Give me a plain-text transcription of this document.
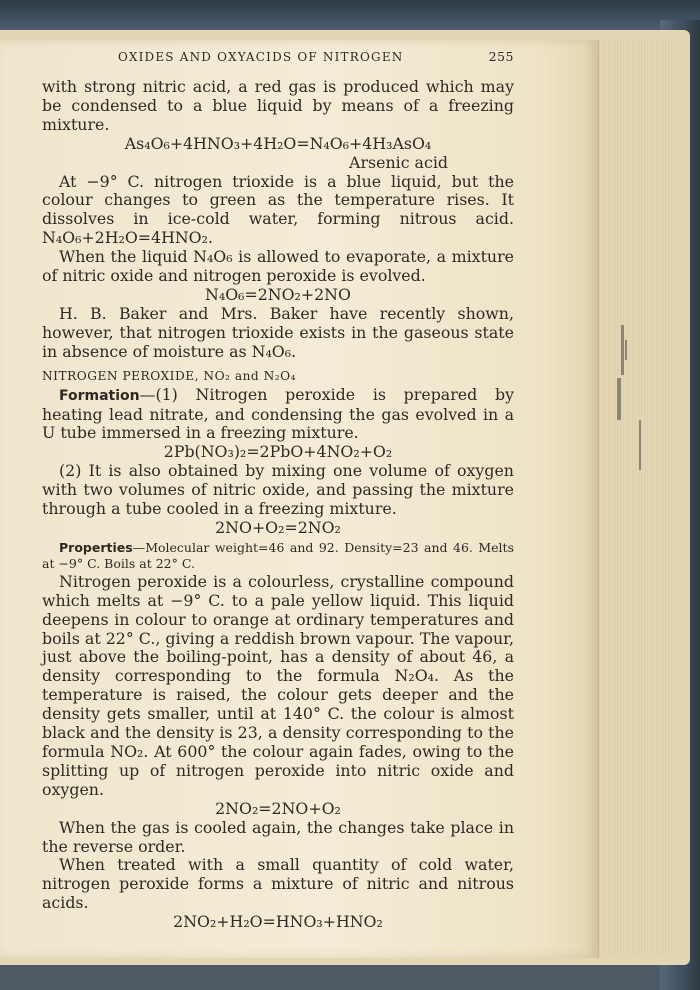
OXIDES AND OXYACIDS OF NITROGEN	255

with strong nitric acid, a red gas is produced which may be condensed to a blue liquid by means of a freezing mixture.

As₄O₆+4HNO₃+4H₂O=N₄O₆+4H₃AsO₄

Arsenic acid

At −9° C. nitrogen trioxide is a blue liquid, but the colour changes to green as the temperature rises. It dissolves in ice-cold water, forming nitrous acid. N₄O₆+2H₂O=4HNO₂.

When the liquid N₄O₆ is allowed to evaporate, a mixture of nitric oxide and nitrogen peroxide is evolved.

N₄O₆=2NO₂+2NO

H. B. Baker and Mrs. Baker have recently shown, however, that nitrogen trioxide exists in the gaseous state in absence of moisture as N₄O₆.

NITROGEN PEROXIDE, NO₂ and N₂O₄

Formation—(1) Nitrogen peroxide is prepared by heating lead nitrate, and condensing the gas evolved in a U tube immersed in a freezing mixture.

2Pb(NO₃)₂=2PbO+4NO₂+O₂

(2) It is also obtained by mixing one volume of oxygen with two volumes of nitric oxide, and passing the mixture through a tube cooled in a freezing mixture.

2NO+O₂=2NO₂

Properties—Molecular weight=46 and 92. Density=23 and 46. Melts at −9° C. Boils at 22° C.

Nitrogen peroxide is a colourless, crystalline compound which melts at −9° C. to a pale yellow liquid. This liquid deepens in colour to orange at ordinary temperatures and boils at 22° C., giving a reddish brown vapour. The vapour, just above the boiling-point, has a density of about 46, a density corresponding to the formula N₂O₄. As the temperature is raised, the colour gets deeper and the density gets smaller, until at 140° C. the colour is almost black and the density is 23, a density corresponding to the formula NO₂. At 600° the colour again fades, owing to the splitting up of nitrogen peroxide into nitric oxide and oxygen.

2NO₂=2NO+O₂

When the gas is cooled again, the changes take place in the reverse order.

When treated with a small quantity of cold water, nitrogen peroxide forms a mixture of nitric and nitrous acids.

2NO₂+H₂O=HNO₃+HNO₂
